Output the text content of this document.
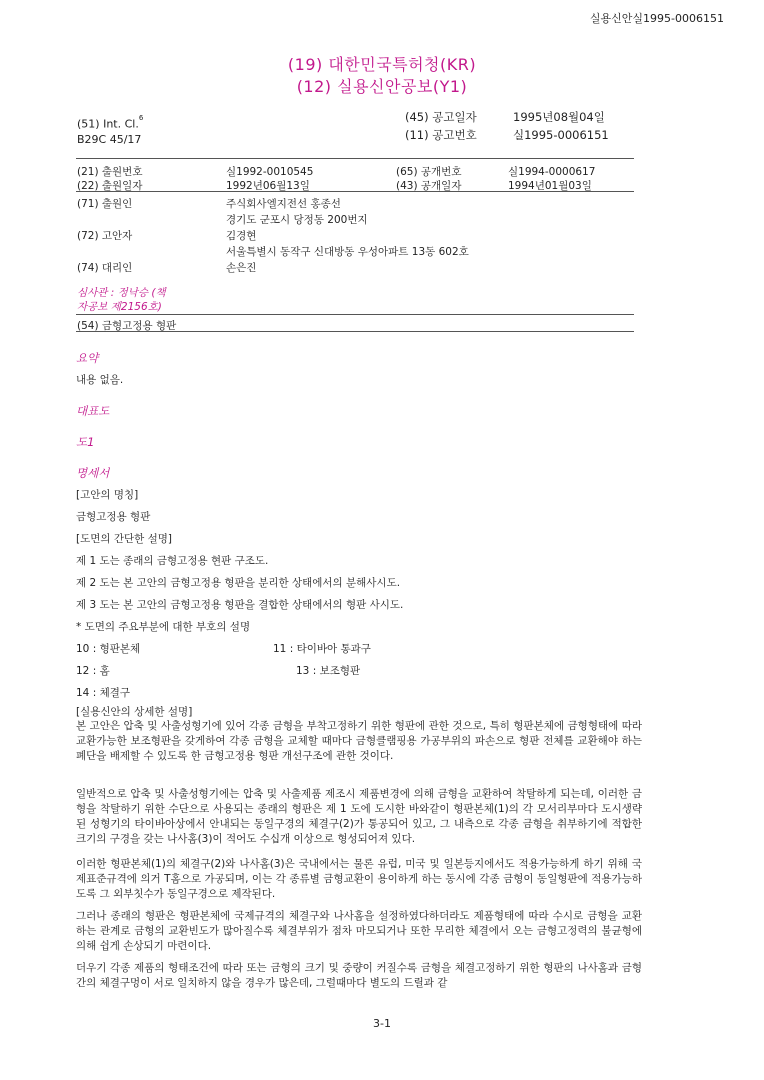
실용신안실1995-0006151
(19) 대한민국특허청(KR)
(12) 실용신안공보(Y1)
(51) Int. Cl.$^6$
B29C 45/17
(45) 공고일자	1995년08월04일
(11) 공고번호	실1995-0006151
(21) 출원번호	실1992-0010545	(65) 공개번호	실1994-0000617
(22) 출원일자	1992년06월13일	(43) 공개일자	1994년01월03일
(71) 출원인	주식회사엘지전선 홍종선
경기도 군포시 당정동 200번지
(72) 고안자	김경현
서울특별시 동작구 신대방동 우성아파트 13동 602호
(74) 대리인	손은진
심사관 : 정낙승 (책
자공보 제2156호)
(54) 금형고정용 형판
요약
내용 없음.
대표도
도1
명세서
[고안의 명칭]
금형고정용 형판
[도면의 간단한 설명]
제 1 도는 종래의 금형고정용 현판 구조도.
제 2 도는 본 고안의 금형고정용 형판을 분리한 상태에서의 분해사시도.
제 3 도는 본 고안의 금형고정용 형판을 결합한 상태에서의 형판 사시도.
* 도면의 주요부분에 대한 부호의 설명
10 : 형판본체	11 : 타이바아 통과구
12 : 홈	13 : 보조형판
14 : 체결구
[실용신안의 상세한 설명]
본 고안은 압축 및 사출성형기에 있어 각종 금형을 부착고정하기 위한 형판에 관한 것으로, 특히 형판본체에 금형형태에 따라 교환가능한 보조형판을 갖게하여 각종 금형을 교체할 때마다 금형클램핑용 가공부위의 파손으로 형판 전체를 교환해야 하는 폐단을 배제할 수 있도록 한 금형고정용 형판 개선구조에 관한 것이다.
일반적으로 압축 및 사출성형기에는 압축 및 사출제품 제조시 제품변경에 의해 금형을 교환하여 착탈하게 되는데, 이러한 금형을 착탈하기 위한 수단으로 사용되는 종래의 형판은 제 1 도에 도시한 바와같이 형판본체(1)의 각 모서리부마다 도시생략된 성형기의 타이바아상에서 안내되는 동일구경의 체결구(2)가 통공되어 있고, 그 내측으로 각종 금형을 취부하기에 적합한 크기의 구경을 갖는 나사홈(3)이 적어도 수십개 이상으로 형성되어져 있다.
이러한 형판본체(1)의 체결구(2)와 나사홈(3)은 국내에서는 물론 유럽, 미국 및 일본등지에서도 적용가능하게 하기 위해 국제표준규격에 의거 T홈으로 가공되며, 이는 각 종류별 금형교환이 용이하게 하는 동시에 각종 금형이 동일형판에 적용가능하도록 그 외부칫수가 동일구경으로 제작된다.
그러나 종래의 형판은 형판본체에 국제규격의 체결구와 나사홈을 설정하였다하더라도 제품형태에 따라 수시로 금형을 교환하는 관계로 금형의 교환빈도가 많아질수록 체결부위가 점차 마모되거나 또한 무리한 체결에서 오는 금형고정력의 불균형에 의해 쉽게 손상되기 마련이다.
더우기 각종 제품의 형태조건에 따라 또는 금형의 크기 및 중량이 커질수록 금형을 체결고정하기 위한 형판의 나사홈과 금형간의 체결구멍이 서로 일치하지 않을 경우가 많은데, 그럴때마다 별도의 드릴과 같
3-1
